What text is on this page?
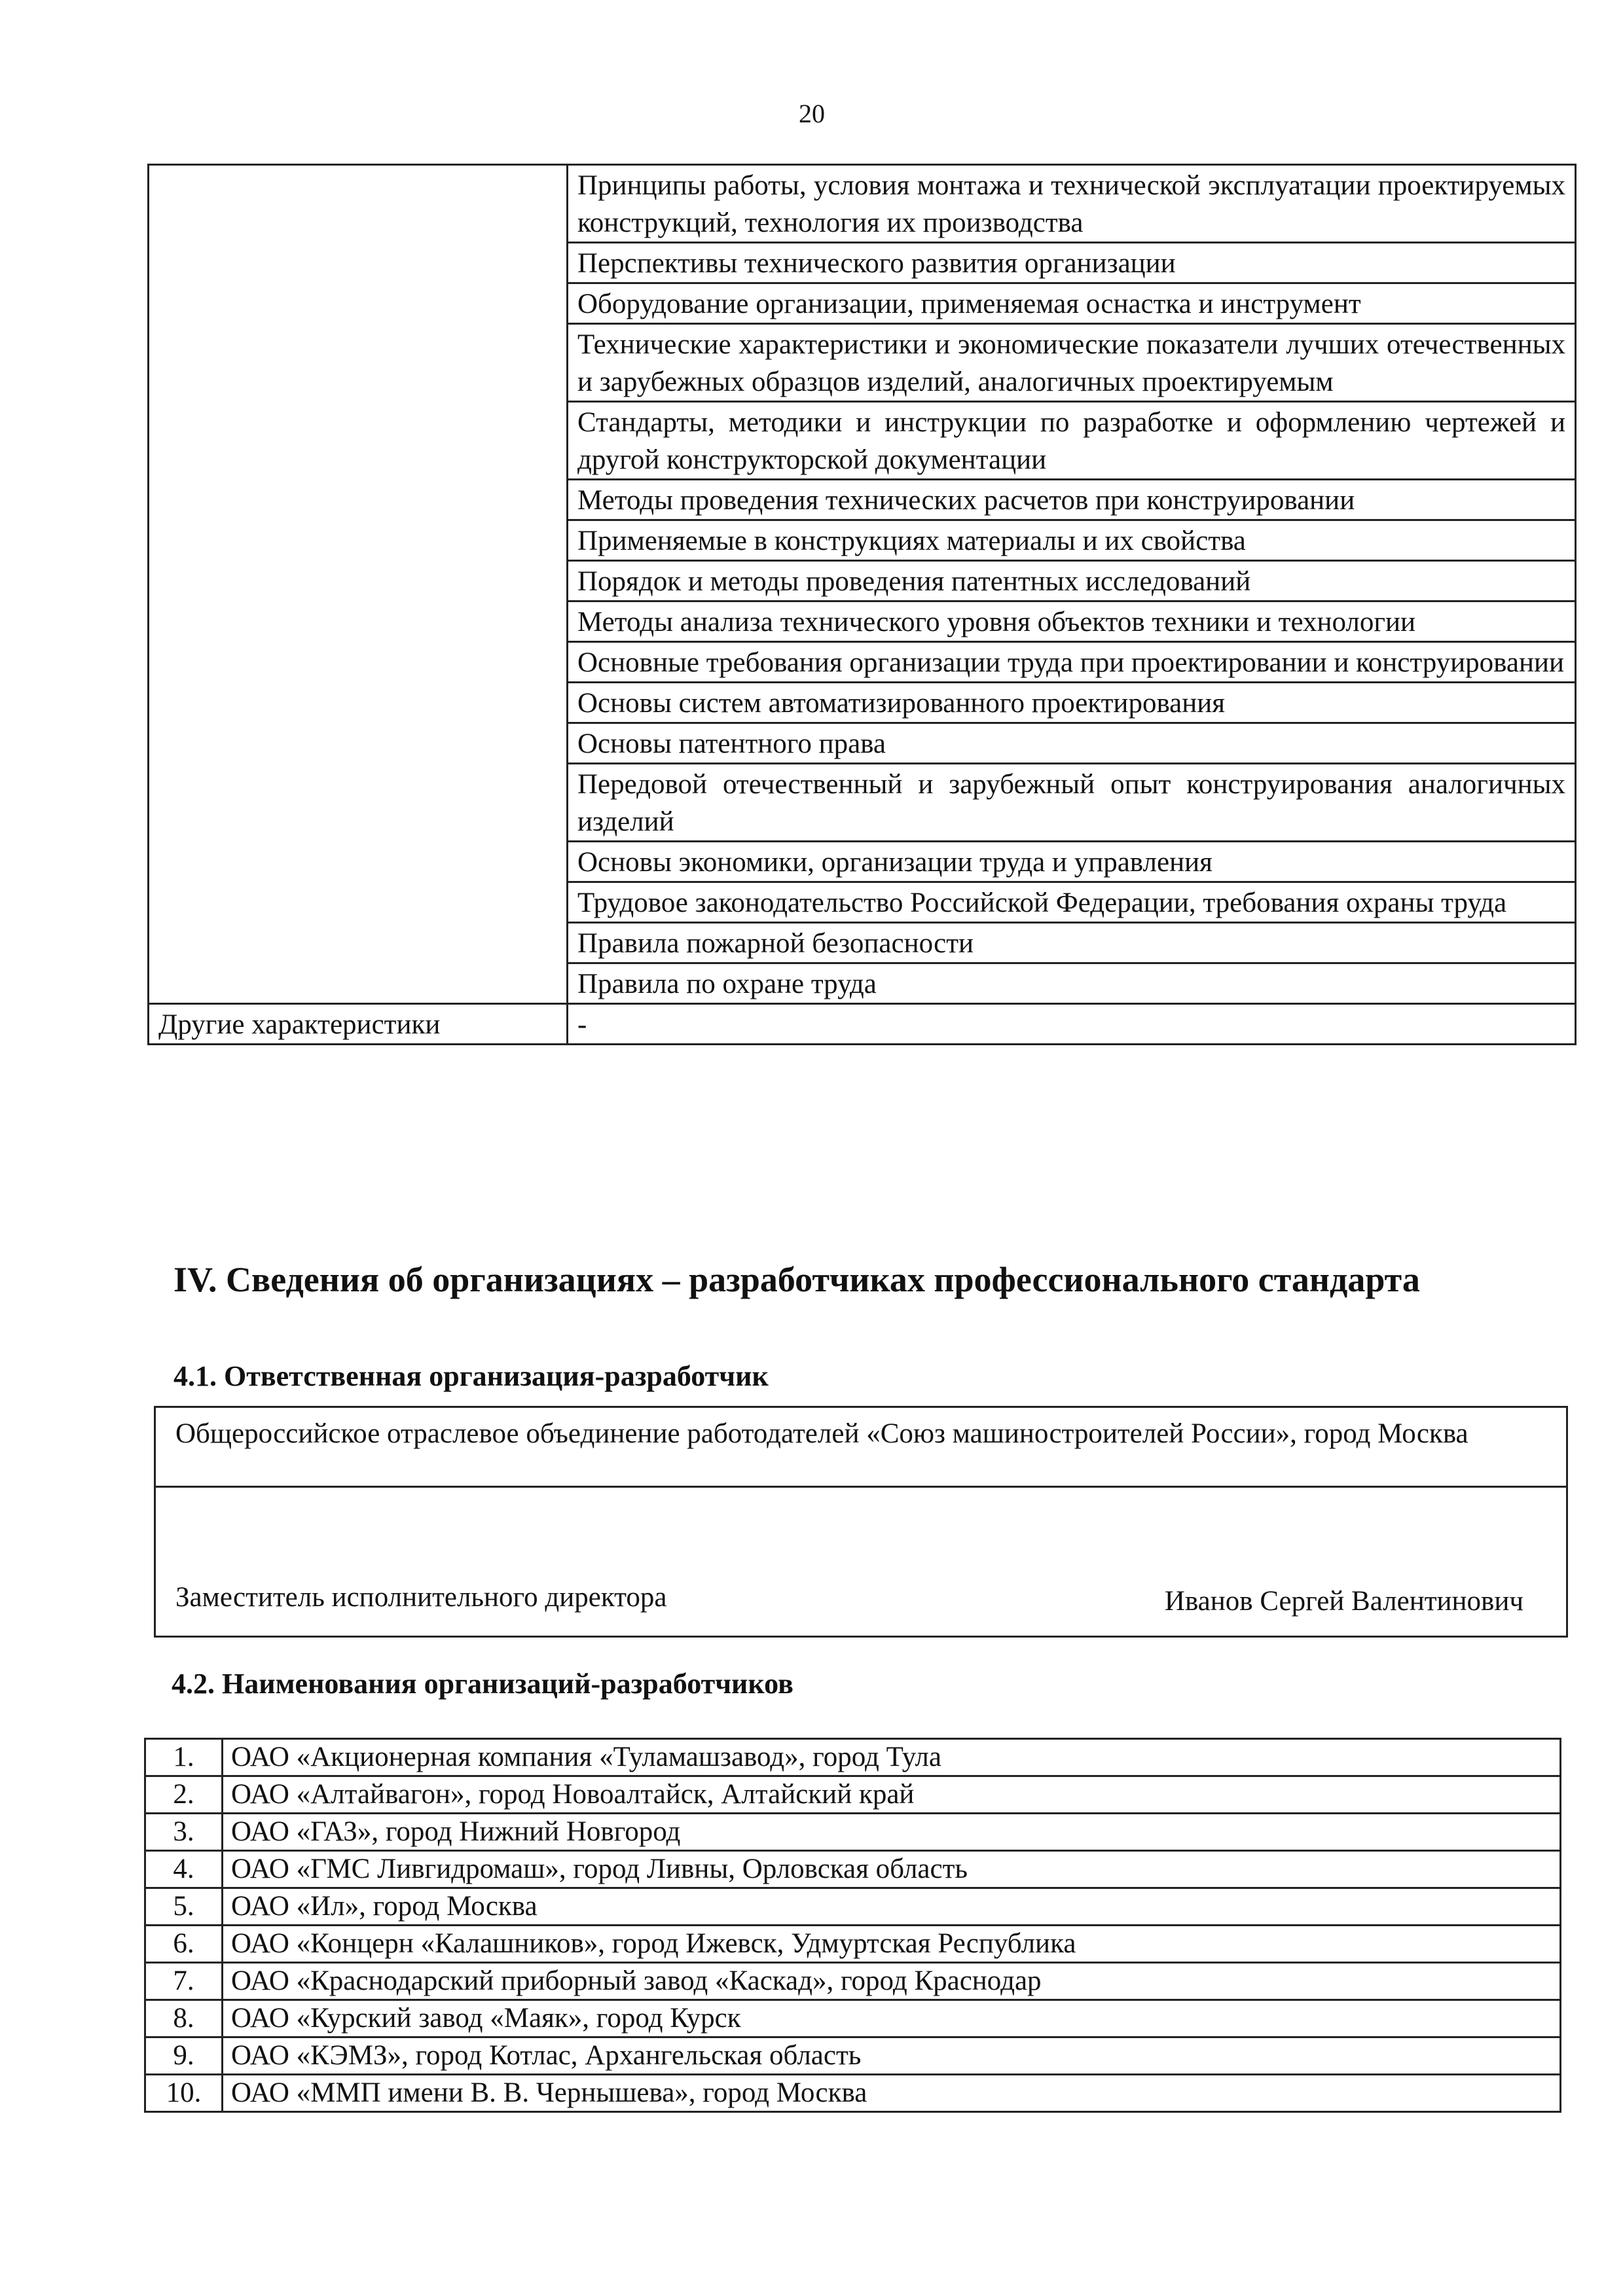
20
	Принципы работы, условия монтажа и технической эксплуатации проектируемых конструкций, технология их производства
	Перспективы технического развития организации
	Оборудование организации, применяемая оснастка и инструмент
	Технические характеристики и экономические показатели лучших отечественных и зарубежных образцов изделий, аналогичных проектируемым
	Стандарты, методики и инструкции по разработке и оформлению чертежей и другой конструкторской документации
	Методы проведения технических расчетов при конструировании
	Применяемые в конструкциях материалы и их свойства
	Порядок и методы проведения патентных исследований
	Методы анализа технического уровня объектов техники и технологии
	Основные требования организации труда при проектировании и конструировании
	Основы систем автоматизированного проектирования
	Основы патентного права
	Передовой отечественный и зарубежный опыт конструирования аналогичных изделий
	Основы экономики, организации труда и управления
	Трудовое законодательство Российской Федерации, требования охраны труда
	Правила пожарной безопасности
	Правила по охране труда
Другие характеристики	-
IV. Сведения об организациях – разработчиках профессионального стандарта
4.1. Ответственная организация-разработчик
Общероссийское отраслевое объединение работодателей «Союз машиностроителей России», город Москва
Заместитель исполнительного директора	Иванов Сергей Валентинович
4.2. Наименования организаций-разработчиков
1.	ОАО «Акционерная компания «Туламашзавод», город Тула
2.	ОАО «Алтайвагон», город Новоалтайск, Алтайский край
3.	ОАО «ГАЗ», город Нижний Новгород
4.	ОАО «ГМС Ливгидромаш», город Ливны, Орловская область
5.	ОАО «Ил», город Москва
6.	ОАО «Концерн «Калашников», город Ижевск, Удмуртская Республика
7.	ОАО «Краснодарский приборный завод «Каскад», город Краснодар
8.	ОАО «Курский завод «Маяк», город Курск
9.	ОАО «КЭМЗ», город Котлас, Архангельская область
10.	ОАО «ММП имени В. В. Чернышева», город Москва
